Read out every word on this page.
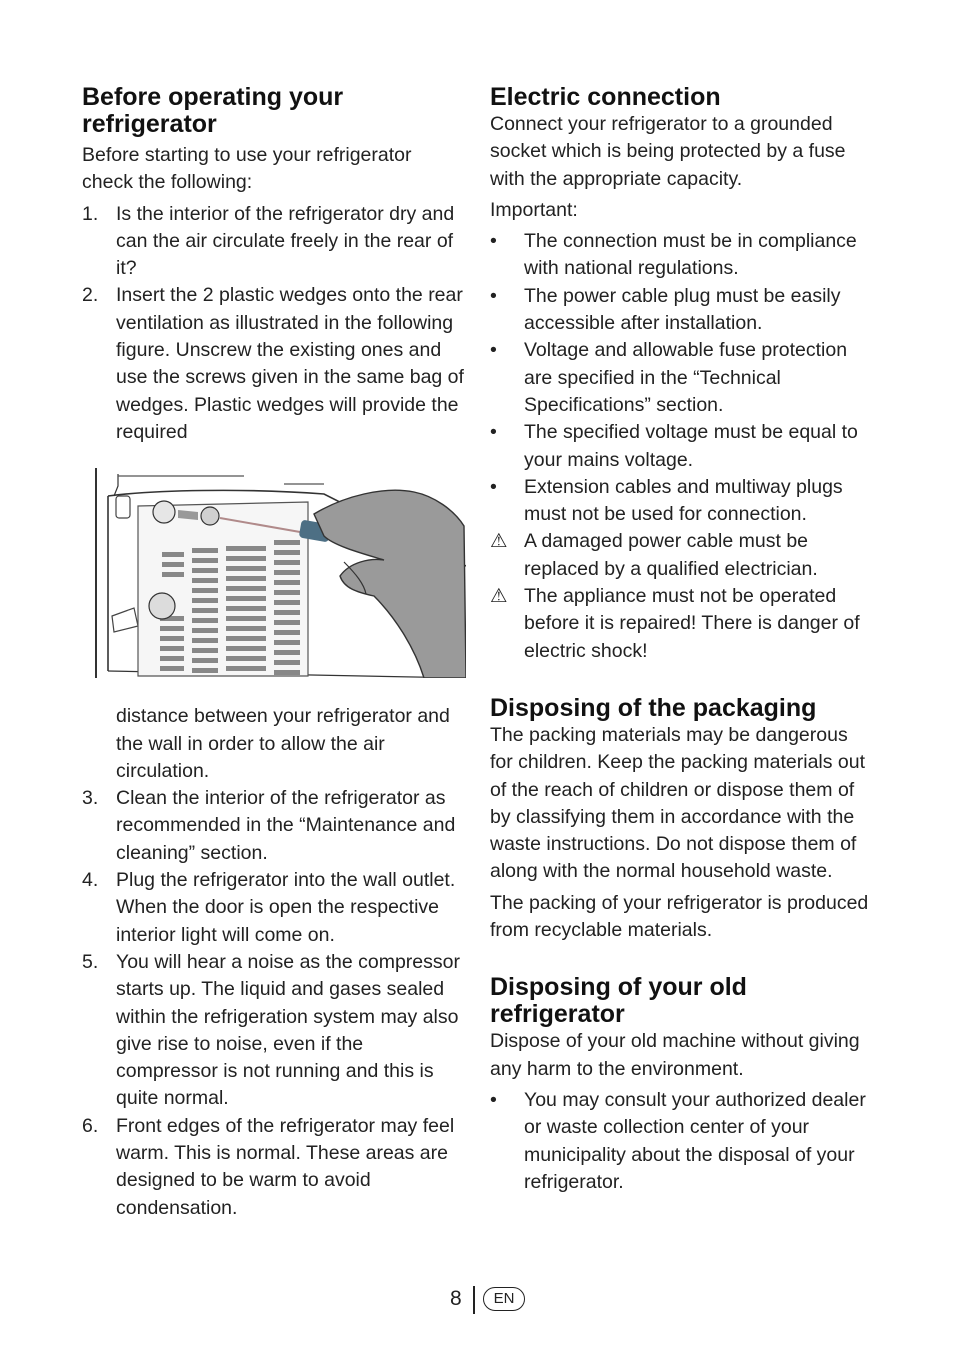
Before operating your refrigerator

Before starting to use your refrigerator check the following:

1. Is the interior of the refrigerator dry and can the air circulate freely in the rear of it?
2. Insert the 2 plastic wedges onto the rear ventilation as illustrated in the following figure. Unscrew the existing ones and use the screws given in the same bag of wedges. Plastic wedges will provide the required
distance between your refrigerator and the wall in order to allow the air circulation.
3. Clean the interior of the refrigerator as recommended in the “Maintenance and cleaning” section.
4. Plug the refrigerator into the wall outlet. When the door is open the respective interior light will come on.
5. You will hear a noise as the compressor starts up. The liquid and gases sealed within the refrigeration system may also give rise to noise, even if the compressor is not running and this is quite normal.
6. Front edges of the refrigerator may feel warm. This is normal. These areas are designed to be warm to avoid condensation.
Electric connection

Connect your refrigerator to a grounded socket which is being protected by a fuse with the appropriate capacity.

Important:

• The connection must be in compliance with national regulations.
• The power cable plug must be easily accessible after installation.
• Voltage and allowable fuse protection are specified in the “Technical Specifications” section.
• The specified voltage must be equal to your mains voltage.
• Extension cables and multiway plugs must not be used for connection.
⚠ A damaged power cable must be replaced by a qualified electrician.
⚠ The appliance must not be operated before it is repaired! There is danger of electric shock!
Disposing of the packaging

The packing materials may be dangerous for children. Keep the packing materials out of the reach of children or dispose them of by classifying them in accordance with the waste instructions. Do not dispose them of along with the normal household waste.

The packing of your refrigerator is produced from recyclable materials.

Disposing of your old refrigerator

Dispose of your old machine without giving any harm to the environment.

• You may consult your authorized dealer or waste collection center of your municipality about the disposal of your refrigerator.
8	EN
